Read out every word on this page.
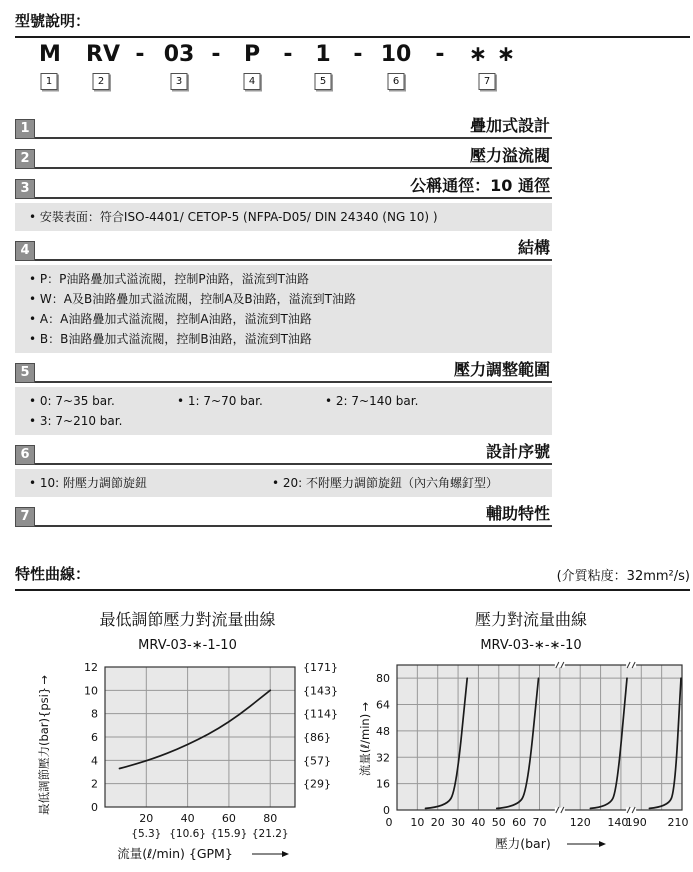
型號說明：
M RV - 03 - P - 1 - 10 - ∗ ∗
1	2	3	4	5	6	7
1	疊加式設計
2	壓力溢流閥
3	公稱通徑：10 通徑
• 安裝表面：符合ISO-4401/ CETOP-5 (NFPA-D05/ DIN 24340 (NG 10) )
4	結構
• P：P油路疊加式溢流閥，控制P油路，溢流到T油路
• W：A及B油路疊加式溢流閥，控制A及B油路，溢流到T油路
• A：A油路疊加式溢流閥，控制A油路，溢流到T油路
• B：B油路疊加式溢流閥，控制B油路，溢流到T油路
5	壓力調整範圍
• 0: 7~35 bar.	• 1: 7~70 bar.	• 2: 7~140 bar.
• 3: 7~210 bar.
6	設計序號
• 10: 附壓力調節旋鈕	• 20: 不附壓力調節旋鈕（內六角螺釘型）
7	輔助特性
特性曲線：	(介質粘度：32mm²/s)
最低調節壓力對流量曲線
MRV-03-∗-1-10
0
2
4
6
8
10
12
{29}
{57}
{86}
{114}
{143}
{171}
20
{5.3}
40
{10.6}
60
{15.9}
80
{21.2}
流量(ℓ/min) {GPM}
最低調節壓力(bar){psi} →
壓力對流量曲線
MRV-03-∗-∗-10
0
16
32
48
64
80
0 10 20 30 40 50 60 70 120 140
190 210
壓力(bar)
流量(ℓ/min) →
